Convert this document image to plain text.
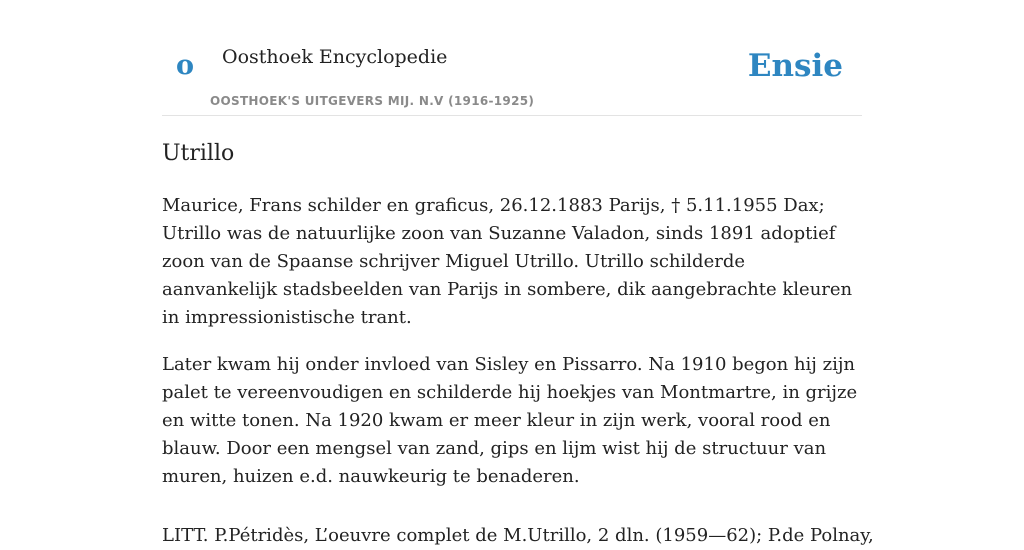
o Oosthoek Encyclopedie
OOSTHOEK'S UITGEVERS MIJ. N.V (1916-1925)
Ensie
Utrillo

Maurice, Frans schilder en graficus, 26.12.1883 Parijs, † 5.11.1955 Dax; Utrillo was de natuurlijke zoon van Suzanne Valadon, sinds 1891 adoptief zoon van de Spaanse schrijver Miguel Utrillo. Utrillo schilderde aanvankelijk stadsbeelden van Parijs in sombere, dik aangebrachte kleuren in impressionistische trant.

Later kwam hij onder invloed van Sisley en Pissarro. Na 1910 begon hij zijn palet te vereenvoudigen en schilderde hij hoekjes van Montmartre, in grijze en witte tonen. Na 1920 kwam er meer kleur in zijn werk, vooral rood en blauw. Door een mengsel van zand, gips en lijm wist hij de structuur van muren, huizen e.d. nauwkeurig te benaderen.

LITT. P.Pétridès, L’oeuvre complet de M.Utrillo, 2 dln. (1959—62); P.de Polnay,
